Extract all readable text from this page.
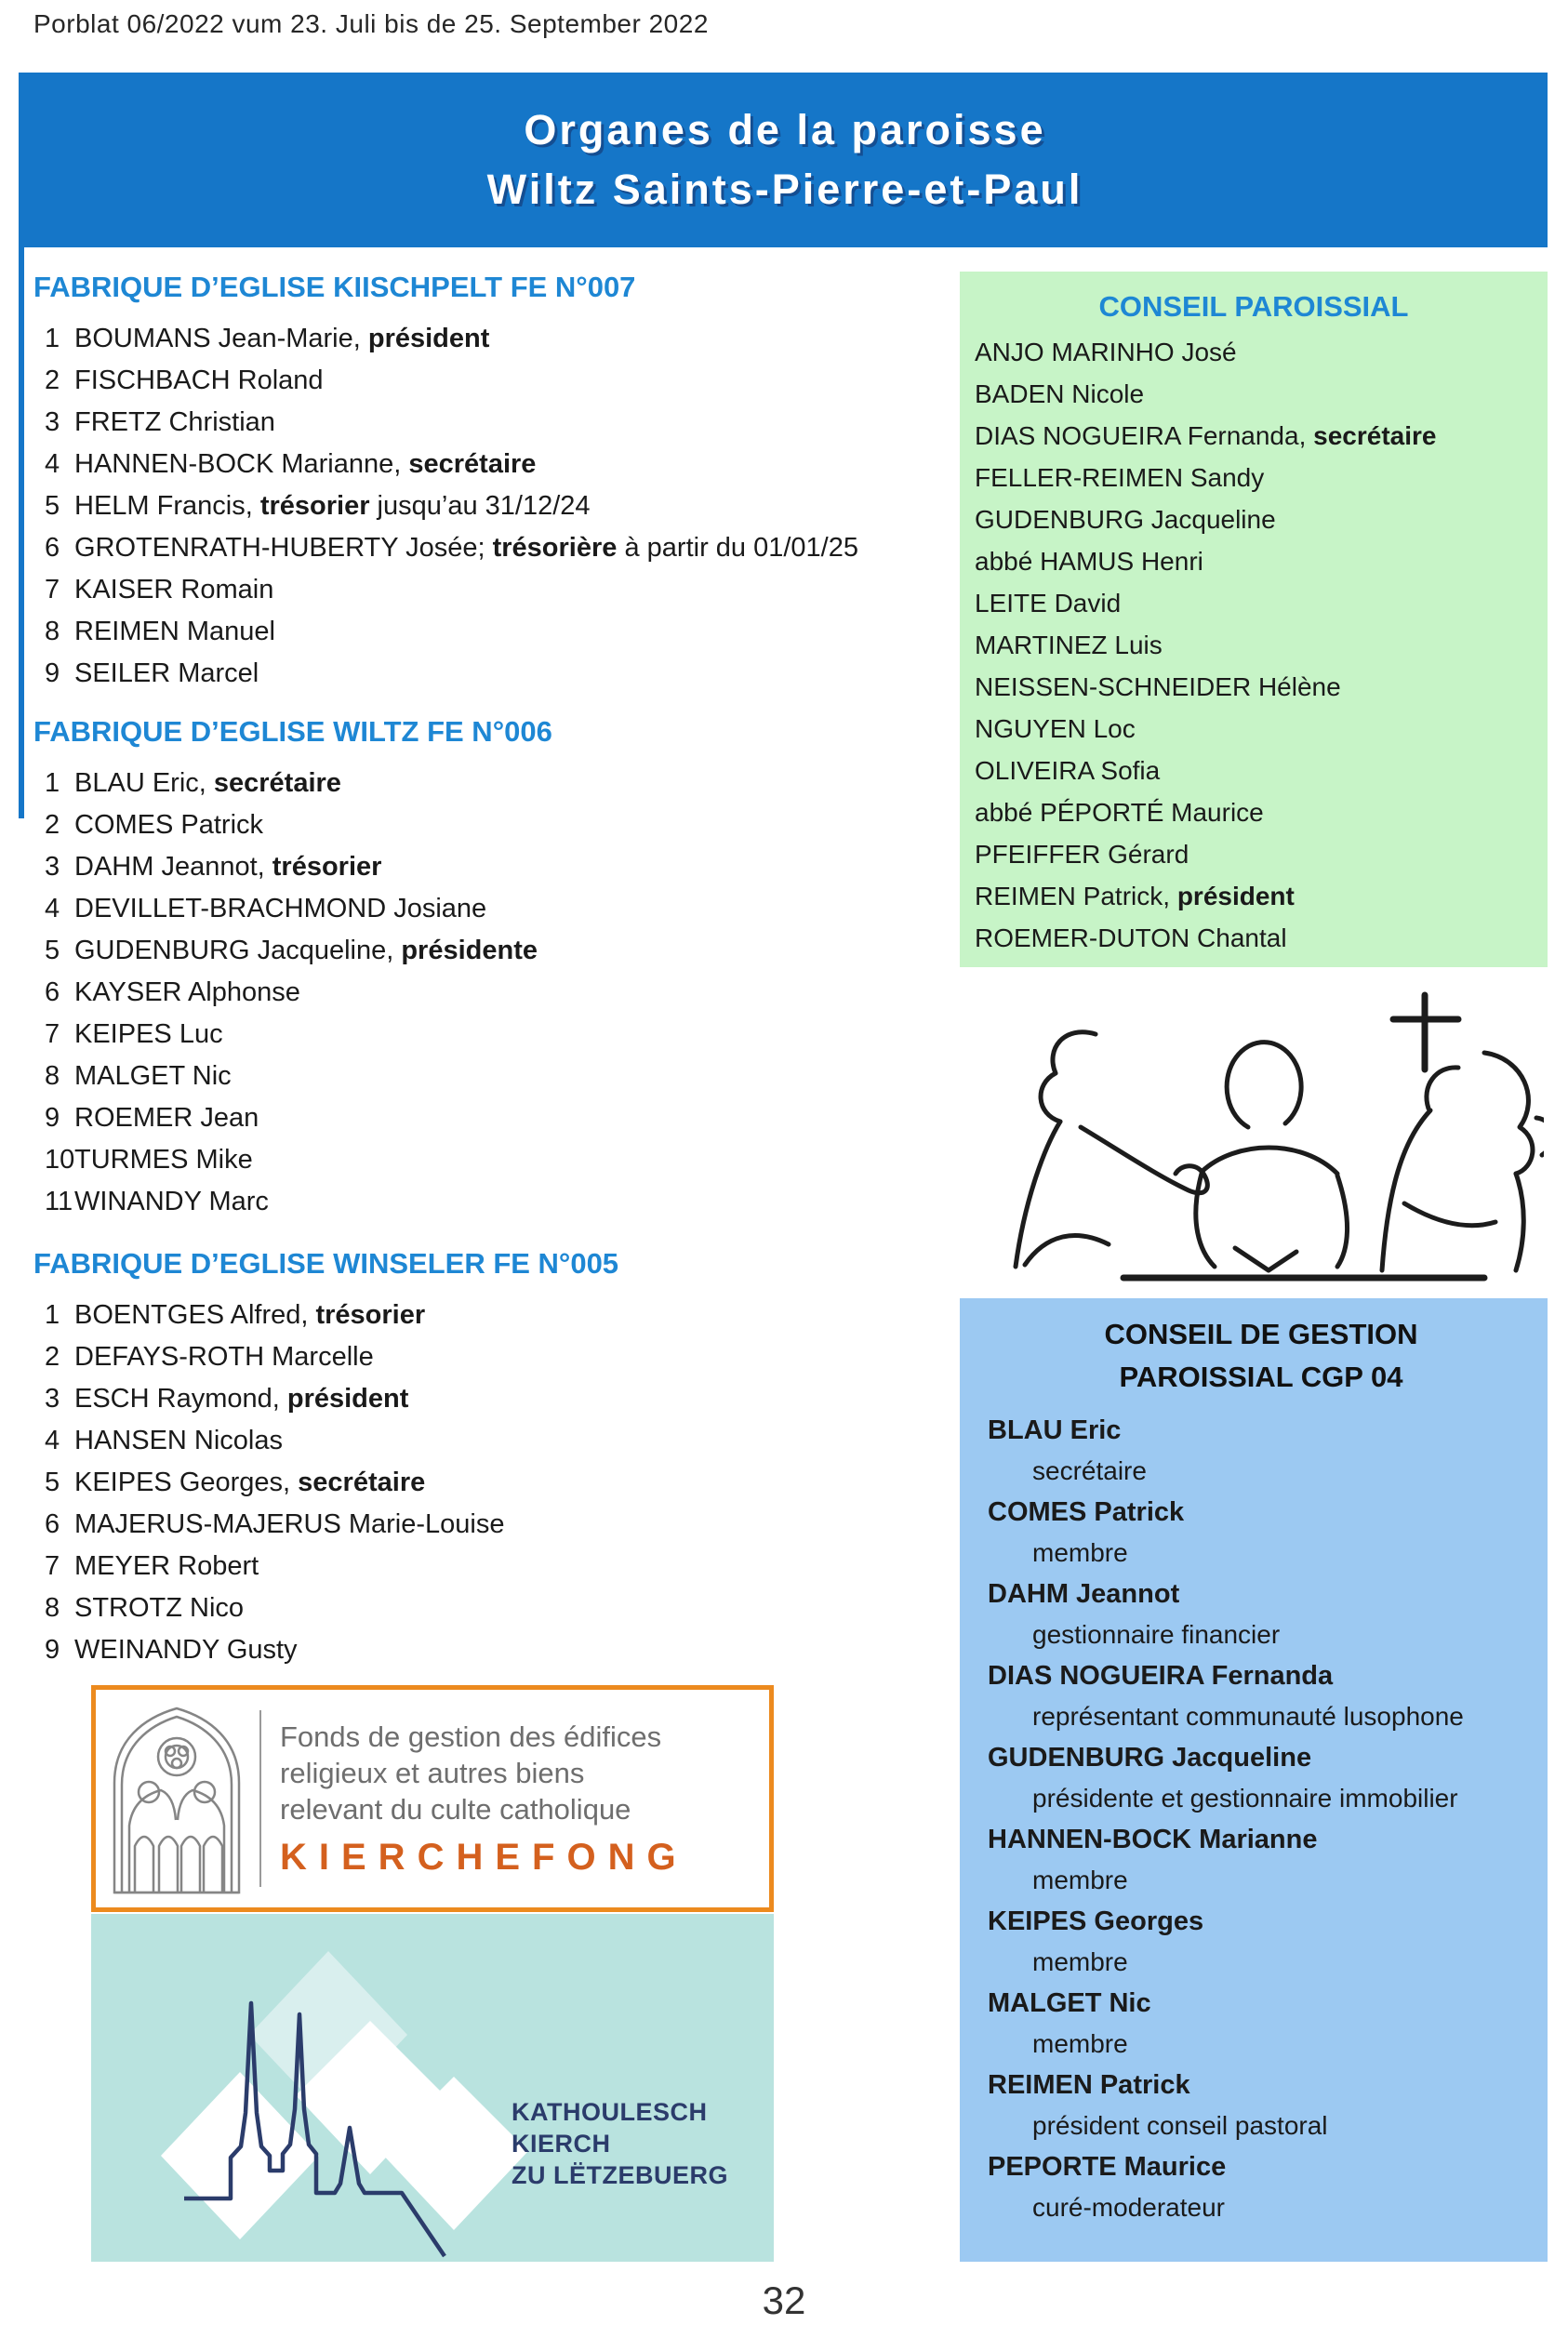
Porblat 06/2022 vum 23. Juli bis de 25. September 2022
Organes de la paroisse
Wiltz Saints-Pierre-et-Paul
FABRIQUE D’EGLISE KIISCHPELT FE N°007
1 BOUMANS Jean-Marie, président
2 FISCHBACH Roland
3 FRETZ Christian
4 HANNEN-BOCK Marianne, secrétaire
5 HELM Francis, trésorier jusqu’au 31/12/24
6 GROTENRATH-HUBERTY Josée; trésorière à partir du 01/01/25
7 KAISER Romain
8 REIMEN Manuel
9 SEILER Marcel
FABRIQUE D’EGLISE WILTZ FE N°006
1 BLAU Eric, secrétaire
2 COMES Patrick
3 DAHM Jeannot, trésorier
4 DEVILLET-BRACHMOND Josiane
5 GUDENBURG Jacqueline, présidente
6 KAYSER Alphonse
7 KEIPES Luc
8 MALGET Nic
9 ROEMER Jean
10 TURMES Mike
11 WINANDY Marc
FABRIQUE D’EGLISE WINSELER FE N°005
1 BOENTGES Alfred, trésorier
2 DEFAYS-ROTH Marcelle
3 ESCH Raymond, président
4 HANSEN Nicolas
5 KEIPES Georges, secrétaire
6 MAJERUS-MAJERUS Marie-Louise
7 MEYER Robert
8 STROTZ Nico
9 WEINANDY Gusty
CONSEIL PAROISSIAL
ANJO MARINHO José
BADEN Nicole
DIAS NOGUEIRA Fernanda, secrétaire
FELLER-REIMEN Sandy
GUDENBURG Jacqueline
abbé HAMUS Henri
LEITE David
MARTINEZ Luis
NEISSEN-SCHNEIDER Hélène
NGUYEN Loc
OLIVEIRA Sofia
abbé PÉPORTÉ Maurice
PFEIFFER Gérard
REIMEN Patrick, président
ROEMER-DUTON Chantal
CONSEIL DE GESTION
PAROISSIAL CGP 04
BLAU Eric
secrétaire
COMES Patrick
membre
DAHM Jeannot
gestionnaire financier
DIAS NOGUEIRA Fernanda
représentant communauté lusophone
GUDENBURG Jacqueline
présidente et gestionnaire immobilier
HANNEN-BOCK Marianne
membre
KEIPES Georges
membre
MALGET Nic
membre
REIMEN Patrick
président conseil pastoral
PEPORTE Maurice
curé-moderateur
Fonds de gestion des édifices
religieux et autres biens
relevant du culte catholique
KIERCHEFONG
KATHOULESCH KIERCH
ZU LËTZEBUERG
32
